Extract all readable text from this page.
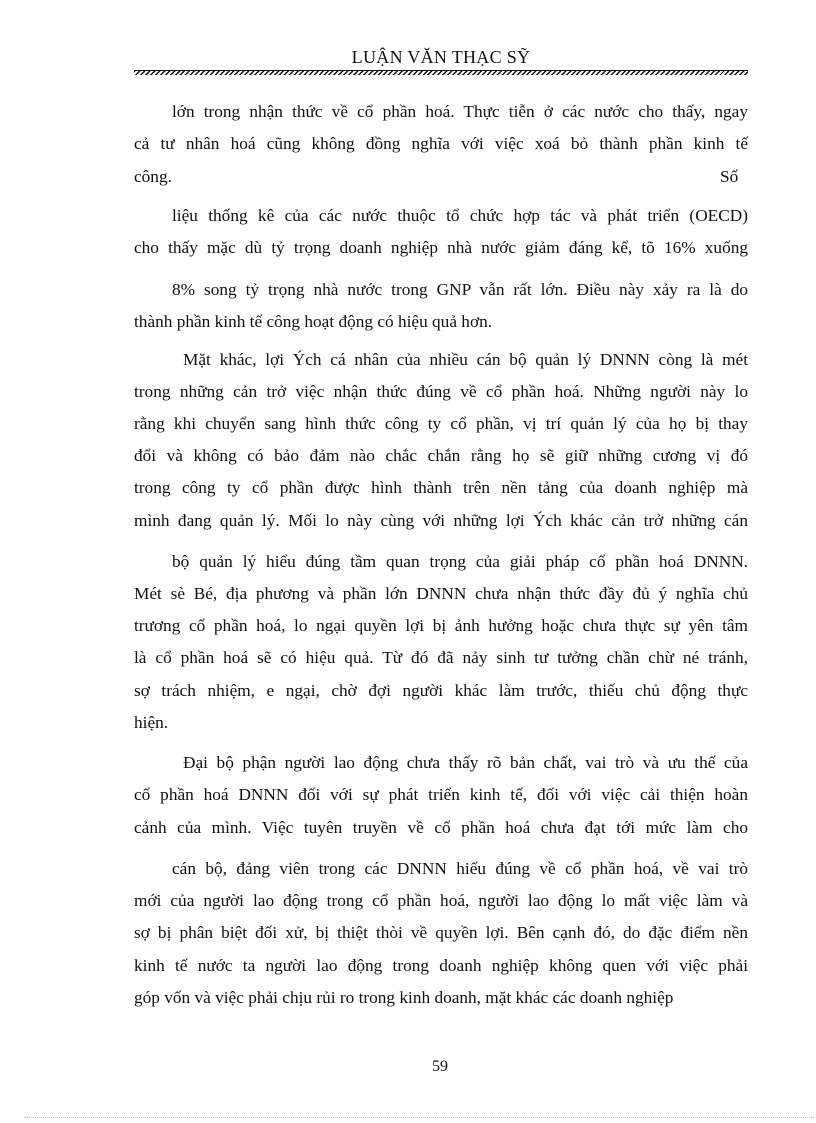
LUẬN VĂN THẠC SỸ
lớn trong nhận thức về cổ phần hoá. Thực tiễn ở các nước cho thấy, ngay
cả tư nhân hoá cũng không đồng nghĩa với việc xoá bỏ thành phần kinh tế
công.	Số
liệu thống kê của các nước thuộc tổ chức hợp tác và phát triển (OECD)
cho thấy mặc dù tỷ trọng doanh nghiệp nhà nước giảm đáng kể, tõ 16% xuống
8% song tỷ trọng nhà nước trong GNP vẫn rất lớn. Điều này xảy ra là do
thành phần kinh tế công hoạt động có hiệu quả hơn.
Mặt khác, lợi Ých cá nhân của nhiều cán bộ quản lý DNNN còng là mét
trong những cản trở việc nhận thức đúng về cổ phần hoá. Những người này lo
rằng khi chuyển sang hình thức công ty cổ phần, vị trí quản lý của họ bị thay
đổi và không có bảo đảm nào chắc chắn rằng họ sẽ giữ những cương vị đó
trong công ty cổ phần được hình thành trên nền tảng của doanh nghiệp mà
mình đang quản lý. Mối lo này cùng với những lợi Ých khác cản trở những cán
bộ quản lý hiểu đúng tầm quan trọng của giải pháp cổ phần hoá DNNN.
Mét sè Bé, địa phương và phần lớn DNNN chưa nhận thức đầy đủ ý nghĩa chủ
trương cổ phần hoá, lo ngại quyền lợi bị ảnh hưởng hoặc chưa thực sự yên tâm
là cổ phần hoá sẽ có hiệu quả. Từ đó đã nảy sinh tư tưởng chần chừ né tránh,
sợ trách nhiệm, e ngại, chờ đợi người khác làm trước, thiếu chủ động thực
hiện.
Đại bộ phận người lao động chưa thấy rõ bản chất, vai trò và ưu thế của
cổ phần hoá DNNN đối với sự phát triển kinh tế, đối với việc cải thiện hoàn
cảnh của mình. Việc tuyên truyền về cổ phần hoá chưa đạt tới mức làm cho
cán bộ, đảng viên trong các DNNN hiểu đúng về cổ phần hoá, về vai trò
mới của người lao động trong cổ phần hoá, người lao động lo mất việc làm và
sợ bị phân biệt đối xử, bị thiệt thòi về quyền lợi. Bên cạnh đó, do đặc điểm nền
kinh tế nước ta người lao động trong doanh nghiệp không quen với việc phải
góp vốn và việc phải chịu rủi ro trong kinh doanh, mặt khác các doanh nghiệp
59
